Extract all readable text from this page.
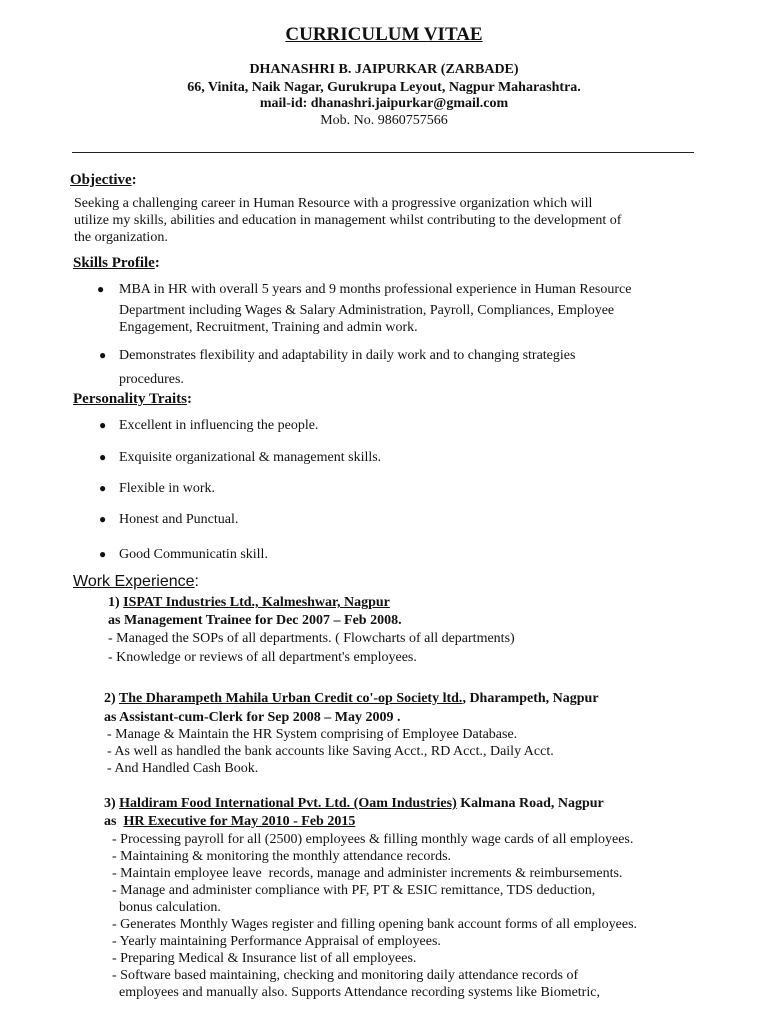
CURRICULUM VITAE
DHANASHRI B. JAIPURKAR (ZARBADE)
66, Vinita, Naik Nagar, Gurukrupa Leyout, Nagpur Maharashtra.
mail-id: dhanashri.jaipurkar@gmail.com
Mob. No. 9860757566
Objective:
Seeking a challenging career in Human Resource with a progressive organization which will
utilize my skills, abilities and education in management whilst contributing to the development of
the organization.
Skills Profile:
● MBA in HR with overall 5 years and 9 months professional experience in Human Resource
Department including Wages & Salary Administration, Payroll, Compliances, Employee
Engagement, Recruitment, Training and admin work.
● Demonstrates flexibility and adaptability in daily work and to changing strategies
procedures.
Personality Traits:
● Excellent in influencing the people.
● Exquisite organizational & management skills.
● Flexible in work.
● Honest and Punctual.
● Good Communicatin skill.
Work Experience:
1) ISPAT Industries Ltd., Kalmeshwar, Nagpur
as Management Trainee for Dec 2007 – Feb 2008.
- Managed the SOPs of all departments. ( Flowcharts of all departments)
- Knowledge or reviews of all department's employees.
2) The Dharampeth Mahila Urban Credit co'-op Society ltd., Dharampeth, Nagpur
as Assistant-cum-Clerk for Sep 2008 – May 2009 .
- Manage & Maintain the HR System comprising of Employee Database.
- As well as handled the bank accounts like Saving Acct., RD Acct., Daily Acct.
- And Handled Cash Book.
3) Haldiram Food International Pvt. Ltd. (Oam Industries) Kalmana Road, Nagpur
as  HR Executive for May 2010 - Feb 2015
- Processing payroll for all (2500) employees & filling monthly wage cards of all employees.
- Maintaining & monitoring the monthly attendance records.
- Maintain employee leave  records, manage and administer increments & reimbursements.
- Manage and administer compliance with PF, PT & ESIC remittance, TDS deduction,
bonus calculation.
- Generates Monthly Wages register and filling opening bank account forms of all employees.
- Yearly maintaining Performance Appraisal of employees.
- Preparing Medical & Insurance list of all employees.
- Software based maintaining, checking and monitoring daily attendance records of
employees and manually also. Supports Attendance recording systems like Biometric,
